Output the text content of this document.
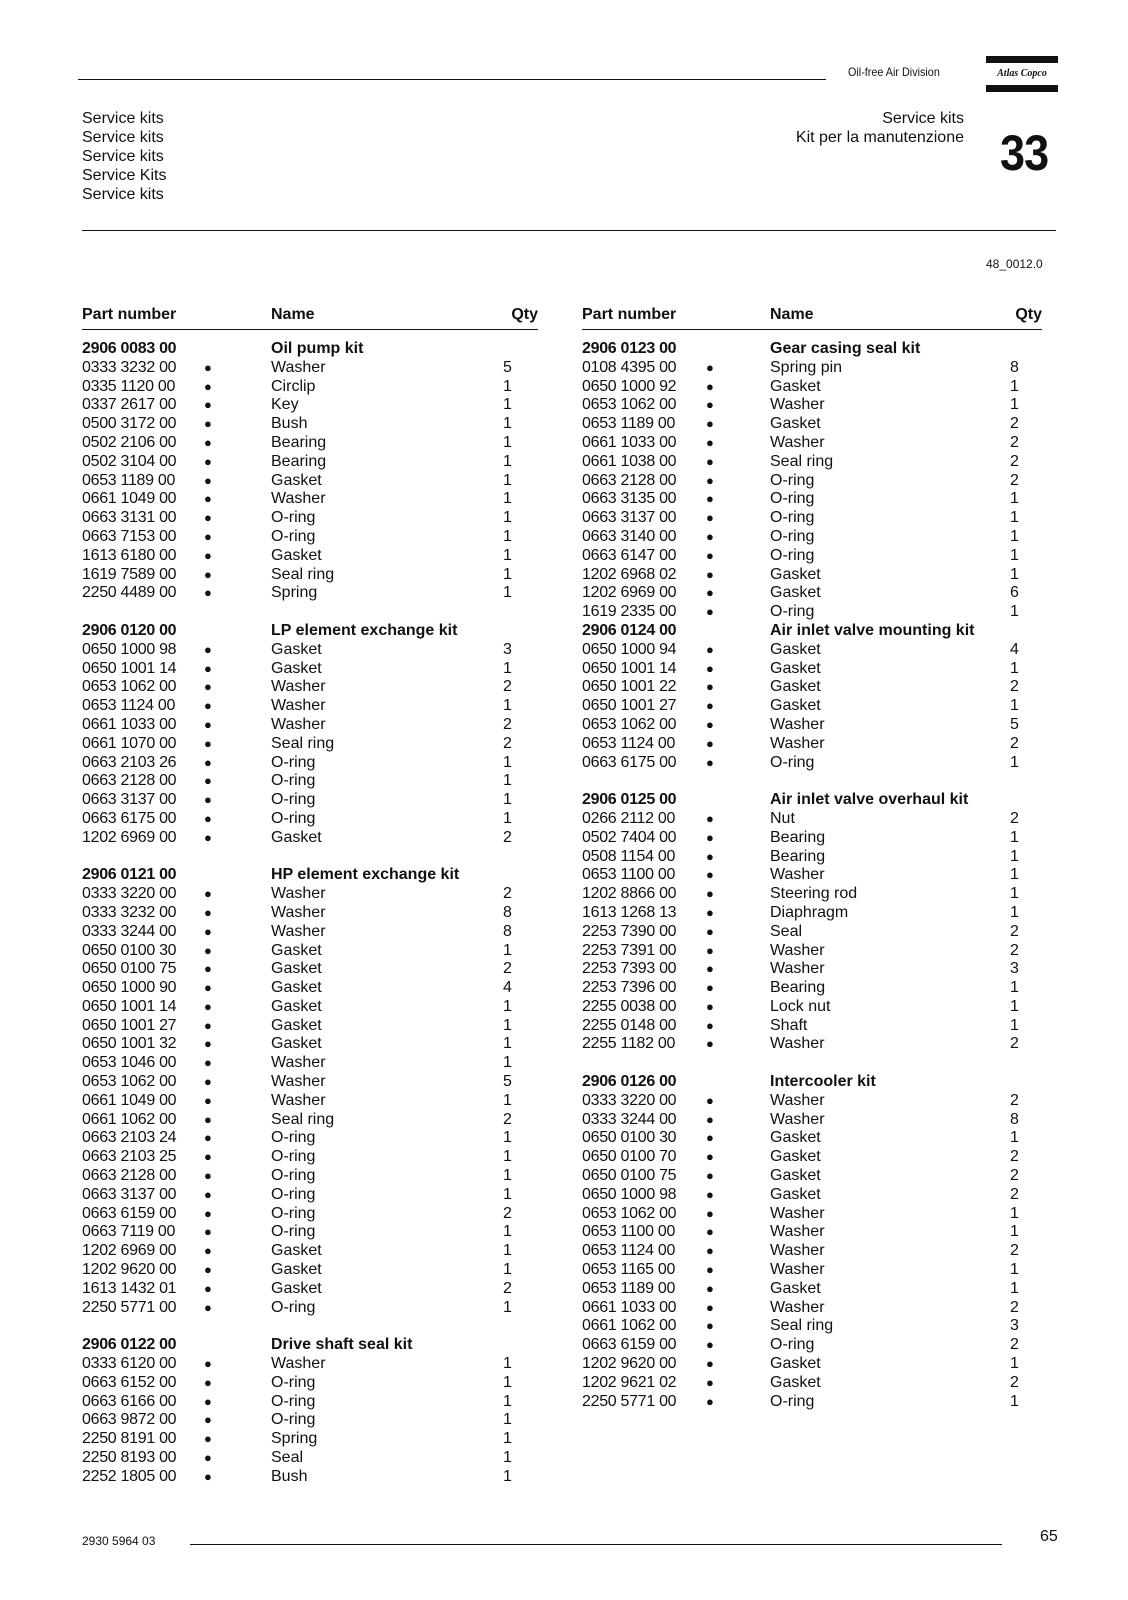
Oil-free Air Division	Atlas Copco
Service kits
Service kits
Service kits
Service Kits
Service kits
Service kits
Kit per la manutenzione 33
48_0012.0
Part number	Name	Qty
2906 0083 00	Oil pump kit
0333 3232 00 ●	Washer	5
0335 1120 00 ●	Circlip	1
0337 2617 00 ●	Key	1
0500 3172 00 ●	Bush	1
0502 2106 00 ●	Bearing	1
0502 3104 00 ●	Bearing	1
0653 1189 00 ●	Gasket	1
0661 1049 00 ●	Washer	1
0663 3131 00 ●	O-ring	1
0663 7153 00 ●	O-ring	1
1613 6180 00 ●	Gasket	1
1619 7589 00 ●	Seal ring	1
2250 4489 00 ●	Spring	1
2906 0120 00	LP element exchange kit
0650 1000 98 ●	Gasket	3
0650 1001 14 ●	Gasket	1
0653 1062 00 ●	Washer	2
0653 1124 00 ●	Washer	1
0661 1033 00 ●	Washer	2
0661 1070 00 ●	Seal ring	2
0663 2103 26 ●	O-ring	1
0663 2128 00 ●	O-ring	1
0663 3137 00 ●	O-ring	1
0663 6175 00 ●	O-ring	1
1202 6969 00 ●	Gasket	2
2906 0121 00	HP element exchange kit
0333 3220 00 ●	Washer	2
0333 3232 00 ●	Washer	8
0333 3244 00 ●	Washer	8
0650 0100 30 ●	Gasket	1
0650 0100 75 ●	Gasket	2
0650 1000 90 ●	Gasket	4
0650 1001 14 ●	Gasket	1
0650 1001 27 ●	Gasket	1
0650 1001 32 ●	Gasket	1
0653 1046 00 ●	Washer	1
0653 1062 00 ●	Washer	5
0661 1049 00 ●	Washer	1
0661 1062 00 ●	Seal ring	2
0663 2103 24 ●	O-ring	1
0663 2103 25 ●	O-ring	1
0663 2128 00 ●	O-ring	1
0663 3137 00 ●	O-ring	1
0663 6159 00 ●	O-ring	2
0663 7119 00 ●	O-ring	1
1202 6969 00 ●	Gasket	1
1202 9620 00 ●	Gasket	1
1613 1432 01 ●	Gasket	2
2250 5771 00 ●	O-ring	1
2906 0122 00	Drive shaft seal kit
0333 6120 00 ●	Washer	1
0663 6152 00 ●	O-ring	1
0663 6166 00 ●	O-ring	1
0663 9872 00 ●	O-ring	1
2250 8191 00 ●	Spring	1
2250 8193 00 ●	Seal	1
2252 1805 00 ●	Bush	1
Part number	Name	Qty
2906 0123 00	Gear casing seal kit
0108 4395 00 ●	Spring pin	8
0650 1000 92 ●	Gasket	1
0653 1062 00 ●	Washer	1
0653 1189 00 ●	Gasket	2
0661 1033 00 ●	Washer	2
0661 1038 00 ●	Seal ring	2
0663 2128 00 ●	O-ring	2
0663 3135 00 ●	O-ring	1
0663 3137 00 ●	O-ring	1
0663 3140 00 ●	O-ring	1
0663 6147 00 ●	O-ring	1
1202 6968 02 ●	Gasket	1
1202 6969 00 ●	Gasket	6
1619 2335 00 ●	O-ring	1
2906 0124 00	Air inlet valve mounting kit
0650 1000 94 ●	Gasket	4
0650 1001 14 ●	Gasket	1
0650 1001 22 ●	Gasket	2
0650 1001 27 ●	Gasket	1
0653 1062 00 ●	Washer	5
0653 1124 00 ●	Washer	2
0663 6175 00 ●	O-ring	1
2906 0125 00	Air inlet valve overhaul kit
0266 2112 00 ●	Nut	2
0502 7404 00 ●	Bearing	1
0508 1154 00 ●	Bearing	1
0653 1100 00 ●	Washer	1
1202 8866 00 ●	Steering rod	1
1613 1268 13 ●	Diaphragm	1
2253 7390 00 ●	Seal	2
2253 7391 00 ●	Washer	2
2253 7393 00 ●	Washer	3
2253 7396 00 ●	Bearing	1
2255 0038 00 ●	Lock nut	1
2255 0148 00 ●	Shaft	1
2255 1182 00 ●	Washer	2
2906 0126 00	Intercooler kit
0333 3220 00 ●	Washer	2
0333 3244 00 ●	Washer	8
0650 0100 30 ●	Gasket	1
0650 0100 70 ●	Gasket	2
0650 0100 75 ●	Gasket	2
0650 1000 98 ●	Gasket	2
0653 1062 00 ●	Washer	1
0653 1100 00 ●	Washer	1
0653 1124 00 ●	Washer	2
0653 1165 00 ●	Washer	1
0653 1189 00 ●	Gasket	1
0661 1033 00 ●	Washer	2
0661 1062 00 ●	Seal ring	3
0663 6159 00 ●	O-ring	2
1202 9620 00 ●	Gasket	1
1202 9621 02 ●	Gasket	2
2250 5771 00 ●	O-ring	1
2930 5964 03	65
